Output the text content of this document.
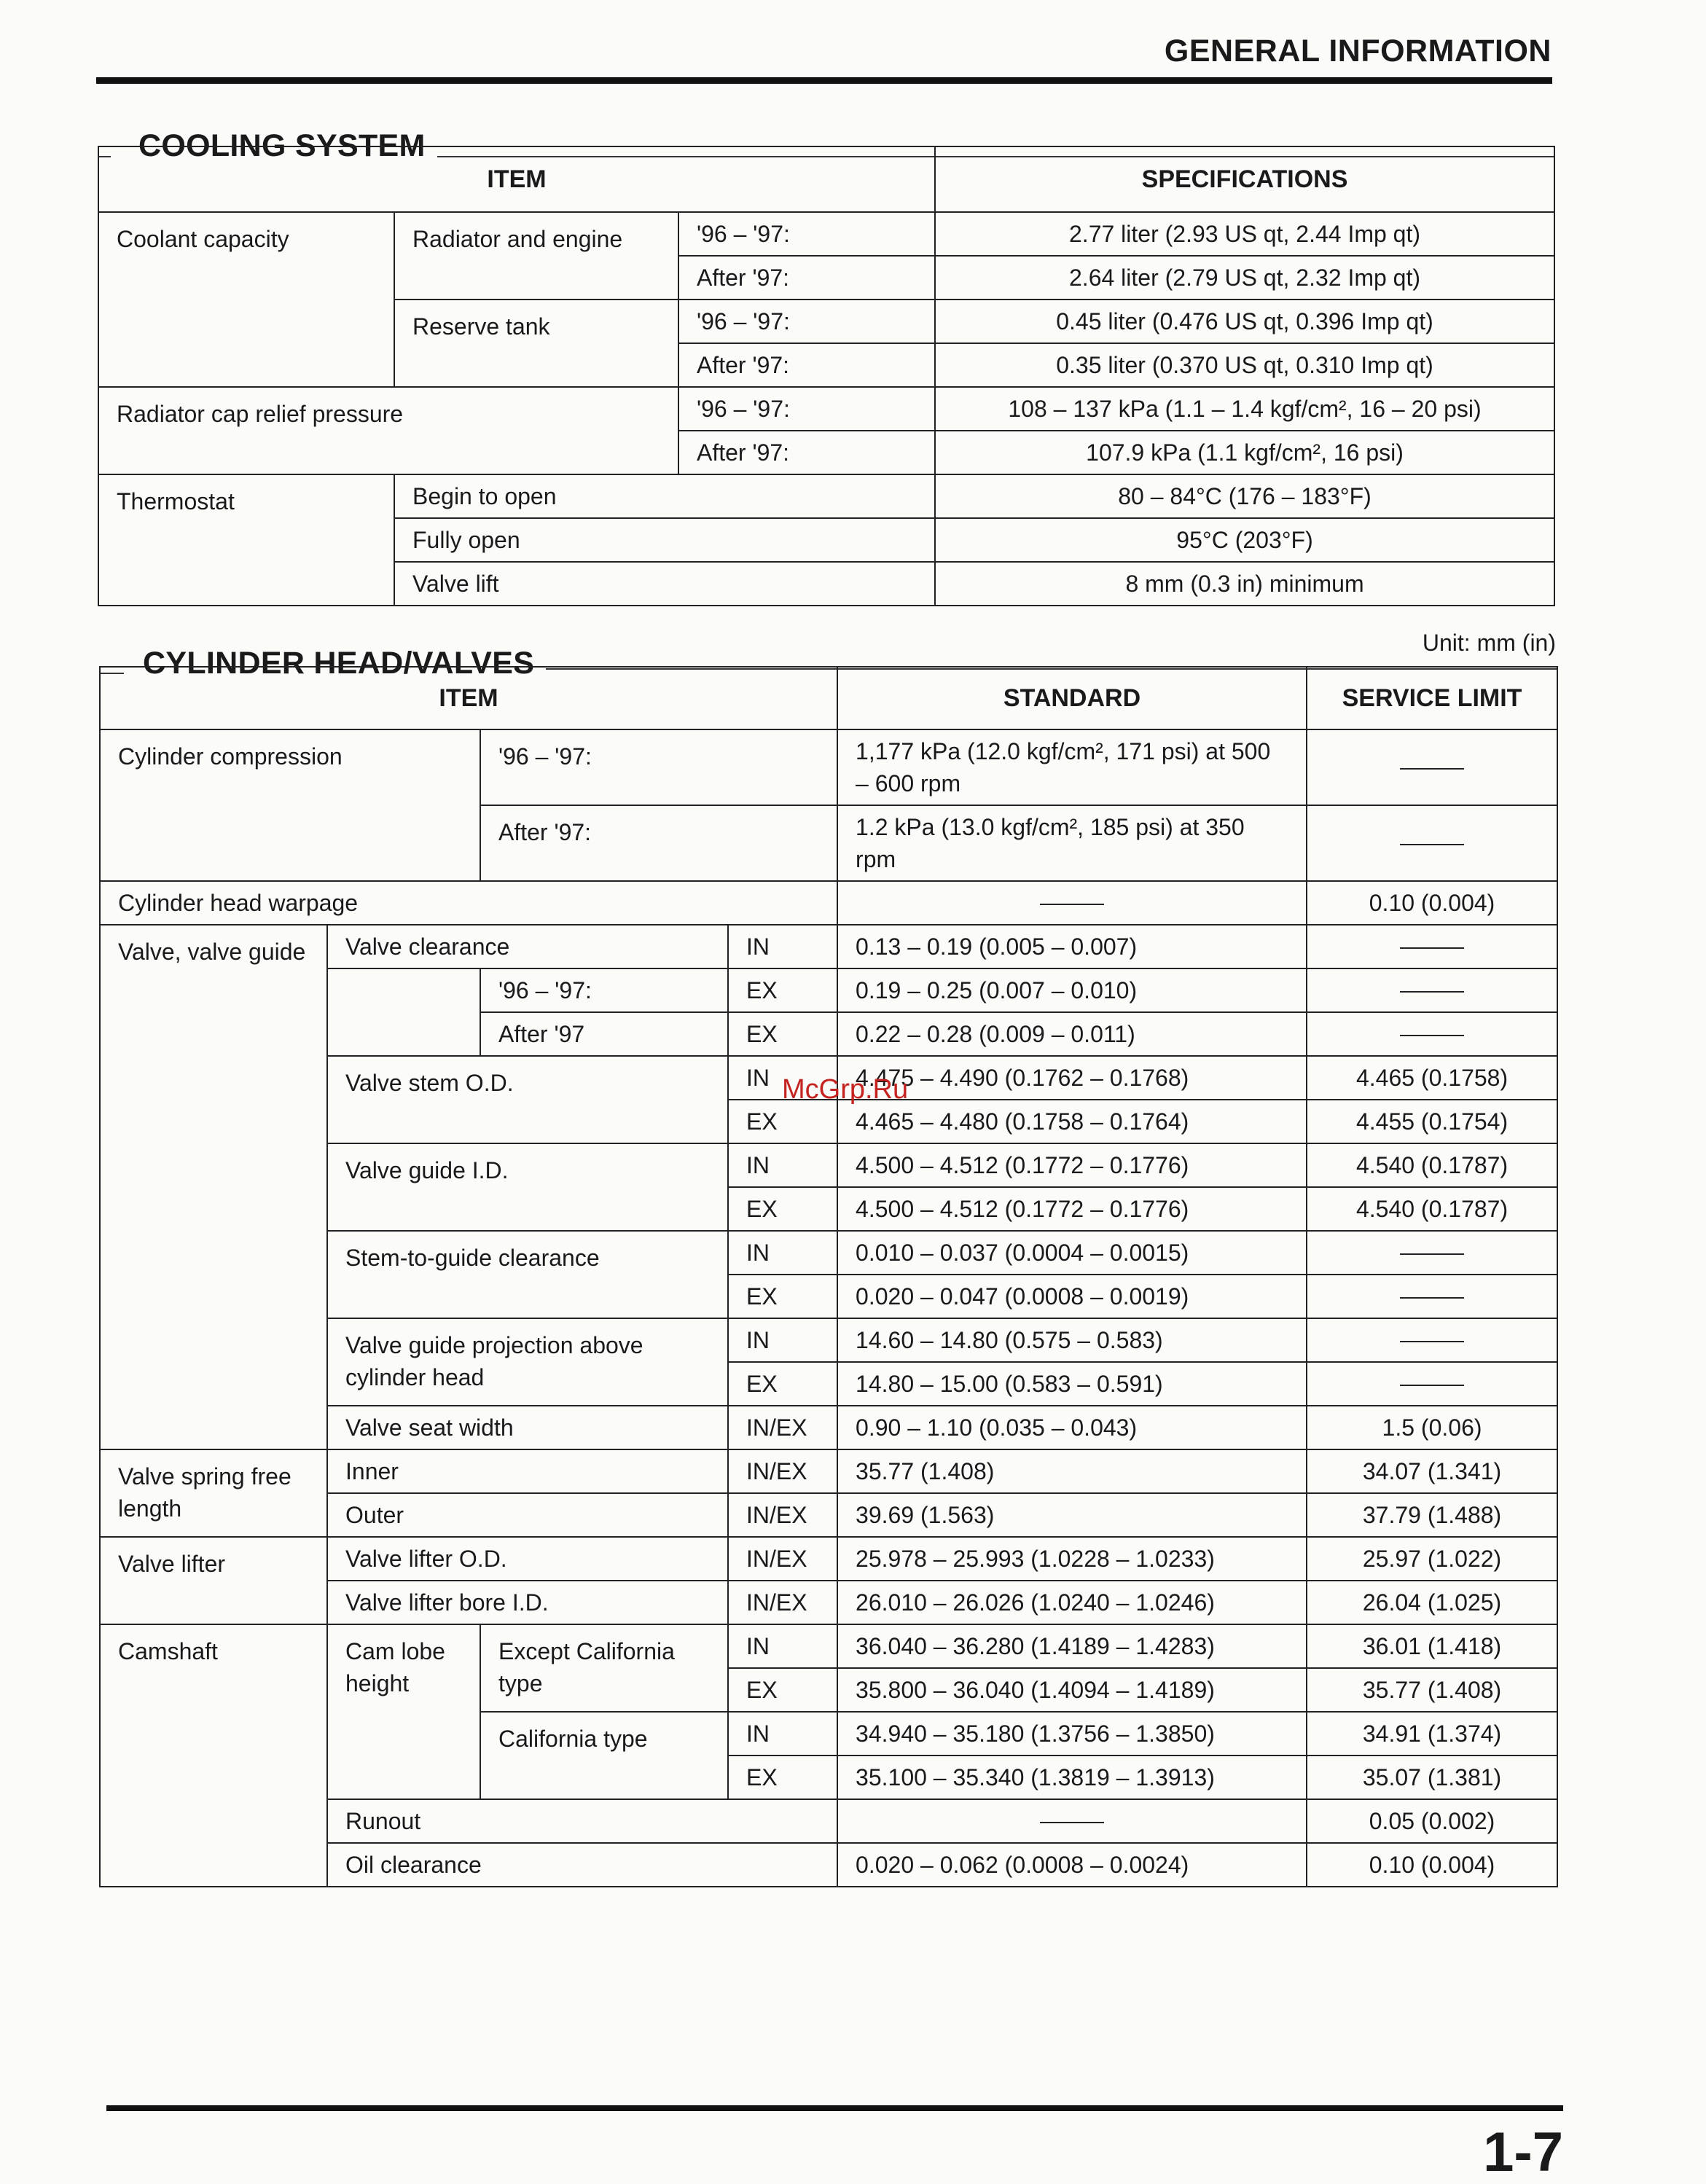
GENERAL INFORMATION
COOLING SYSTEM
ITEM			SPECIFICATIONS
Coolant capacity	Radiator and engine	'96 – '97:	2.77 liter (2.93 US qt, 2.44 Imp qt)
		After '97:	2.64 liter (2.79 US qt, 2.32 Imp qt)
	Reserve tank	'96 – '97:	0.45 liter (0.476 US qt, 0.396 Imp qt)
		After '97:	0.35 liter (0.370 US qt, 0.310 Imp qt)
Radiator cap relief pressure		'96 – '97:	108 – 137 kPa (1.1 – 1.4 kgf/cm², 16 – 20 psi)
		After '97:	107.9 kPa (1.1 kgf/cm², 16 psi)
Thermostat	Begin to open		80 – 84°C (176 – 183°F)
	Fully open		95°C (203°F)
	Valve lift		8 mm (0.3 in) minimum
Unit: mm (in)
CYLINDER HEAD/VALVES
ITEM				STANDARD	SERVICE LIMIT
Cylinder compression		'96 – '97:		1,177 kPa (12.0 kgf/cm², 171 psi) at 500 – 600 rpm	
		After '97:		1.2 kPa (13.0 kgf/cm², 185 psi) at 350 rpm	
Cylinder head warpage					0.10 (0.004)
Valve, valve guide	Valve clearance		IN	0.13 – 0.19 (0.005 – 0.007)	
		'96 – '97:	EX	0.19 – 0.25 (0.007 – 0.010)	
		After '97	EX	0.22 – 0.28 (0.009 – 0.011)	
	Valve stem O.D.		IN	4.475 – 4.490 (0.1762 – 0.1768)	4.465 (0.1758)
			EX	4.465 – 4.480 (0.1758 – 0.1764)	4.455 (0.1754)
	Valve guide I.D.		IN	4.500 – 4.512 (0.1772 – 0.1776)	4.540 (0.1787)
			EX	4.500 – 4.512 (0.1772 – 0.1776)	4.540 (0.1787)
	Stem-to-guide clearance		IN	0.010 – 0.037 (0.0004 – 0.0015)	
			EX	0.020 – 0.047 (0.0008 – 0.0019)	
	Valve guide projection above cylinder head		IN	14.60 – 14.80 (0.575 – 0.583)	
			EX	14.80 – 15.00 (0.583 – 0.591)	
	Valve seat width		IN/EX	0.90 – 1.10 (0.035 – 0.043)	1.5 (0.06)
Valve spring free length	Inner		IN/EX	35.77 (1.408)	34.07 (1.341)
	Outer		IN/EX	39.69 (1.563)	37.79 (1.488)
Valve lifter	Valve lifter O.D.		IN/EX	25.978 – 25.993 (1.0228 – 1.0233)	25.97 (1.022)
	Valve lifter bore I.D.		IN/EX	26.010 – 26.026 (1.0240 – 1.0246)	26.04 (1.025)
Camshaft	Cam lobe height	Except California type	IN	36.040 – 36.280 (1.4189 – 1.4283)	36.01 (1.418)
			EX	35.800 – 36.040 (1.4094 – 1.4189)	35.77 (1.408)
		California type	IN	34.940 – 35.180 (1.3756 – 1.3850)	34.91 (1.374)
			EX	35.100 – 35.340 (1.3819 – 1.3913)	35.07 (1.381)
	Runout				0.05 (0.002)
	Oil clearance			0.020 – 0.062 (0.0008 – 0.0024)	0.10 (0.004)
McGrp.Ru
1-7
